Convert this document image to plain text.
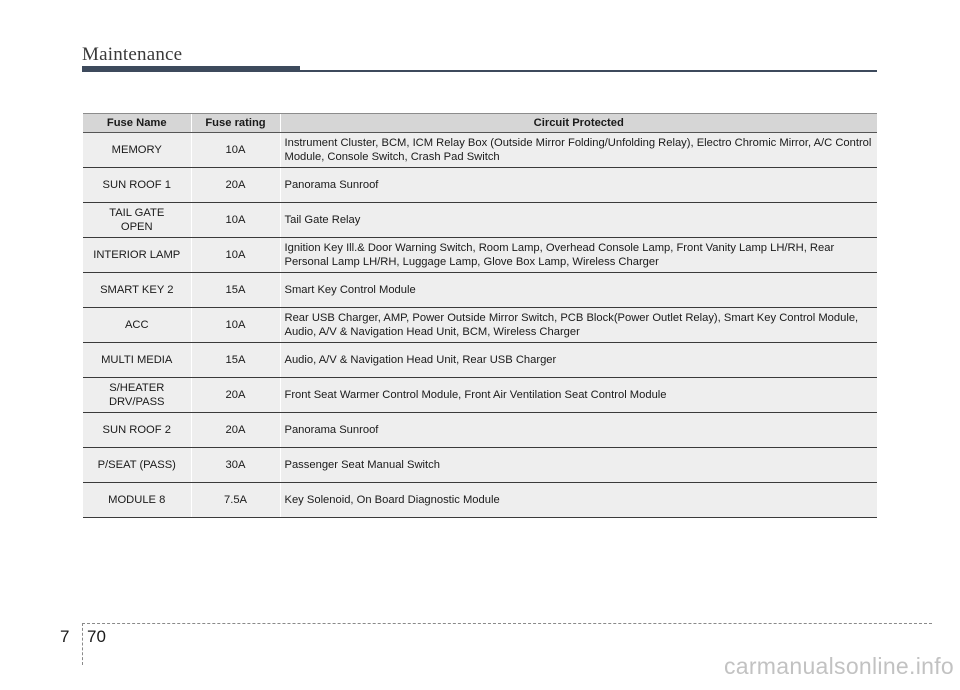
Maintenance
Fuse Name	Fuse rating	Circuit Protected
MEMORY	10A	Instrument Cluster, BCM, ICM Relay Box (Outside Mirror Folding/Unfolding Relay), Electro Chromic Mirror, A/C Control Module, Console Switch, Crash Pad Switch
SUN ROOF 1	20A	Panorama Sunroof
TAIL GATE OPEN	10A	Tail Gate Relay
INTERIOR LAMP	10A	Ignition Key Ill.& Door Warning Switch, Room Lamp, Overhead Console Lamp, Front Vanity Lamp LH/RH, Rear Personal Lamp LH/RH, Luggage Lamp, Glove Box Lamp, Wireless Charger
SMART KEY 2	15A	Smart Key Control Module
ACC	10A	Rear USB Charger, AMP, Power Outside Mirror Switch, PCB Block(Power Outlet Relay), Smart Key Control Module, Audio, A/V & Navigation Head Unit, BCM, Wireless Charger
MULTI MEDIA	15A	Audio, A/V & Navigation Head Unit, Rear USB Charger
S/HEATER DRV/PASS	20A	Front Seat Warmer Control Module, Front Air Ventilation Seat Control Module
SUN ROOF 2	20A	Panorama Sunroof
P/SEAT (PASS)	30A	Passenger Seat Manual Switch
MODULE 8	7.5A	Key Solenoid, On Board Diagnostic Module
7 70
carmanualsonline.info
